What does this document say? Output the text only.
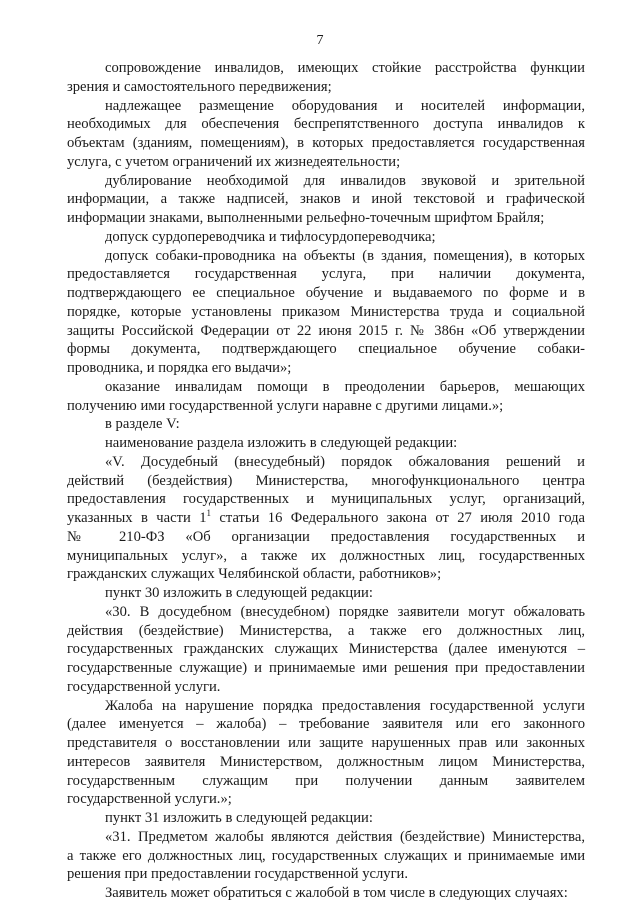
7
сопровождение инвалидов, имеющих стойкие расстройства функции
зрения и самостоятельного передвижения;
надлежащее размещение оборудования и носителей информации,
необходимых для обеспечения беспрепятственного доступа инвалидов к
объектам (зданиям, помещениям), в которых предоставляется государственная
услуга, с учетом ограничений их жизнедеятельности;
дублирование необходимой для инвалидов звуковой и зрительной
информации, а также надписей, знаков и иной текстовой и графической
информации знаками, выполненными рельефно-точечным шрифтом Брайля;
допуск сурдопереводчика и тифлосурдопереводчика;
допуск собаки-проводника на объекты (в здания, помещения), в которых
предоставляется государственная услуга, при наличии документа,
подтверждающего ее специальное обучение и выдаваемого по форме и в
порядке, которые установлены приказом Министерства труда и социальной
защиты Российской Федерации от 22 июня 2015 г. № 386н «Об утверждении
формы документа, подтверждающего специальное обучение собаки-
проводника, и порядка его выдачи»;
оказание инвалидам помощи в преодолении барьеров, мешающих
получению ими государственной услуги наравне с другими лицами.»;
в разделе V:
наименование раздела изложить в следующей редакции:
«V. Досудебный (внесудебный) порядок обжалования решений и
действий (бездействия) Министерства, многофункционального центра
предоставления государственных и муниципальных услуг, организаций,
указанных в части $1^1$ статьи 16 Федерального закона от 27 июля 2010 года
№ 210-ФЗ «Об организации предоставления государственных и
муниципальных услуг», а также их должностных лиц, государственных
гражданских служащих Челябинской области, работников»;
пункт 30 изложить в следующей редакции:
«30. В досудебном (внесудебном) порядке заявители могут обжаловать
действия (бездействие) Министерства, а также его должностных лиц,
государственных гражданских служащих Министерства (далее именуются –
государственные служащие) и принимаемые ими решения при предоставлении
государственной услуги.
Жалоба на нарушение порядка предоставления государственной услуги
(далее именуется – жалоба) – требование заявителя или его законного
представителя о восстановлении или защите нарушенных прав или законных
интересов заявителя Министерством, должностным лицом Министерства,
государственным служащим при получении данным заявителем
государственной услуги.»;
пункт 31 изложить в следующей редакции:
«31. Предметом жалобы являются действия (бездействие) Министерства,
а также его должностных лиц, государственных служащих и принимаемые ими
решения при предоставлении государственной услуги.
Заявитель может обратиться с жалобой в том числе в следующих случаях:
